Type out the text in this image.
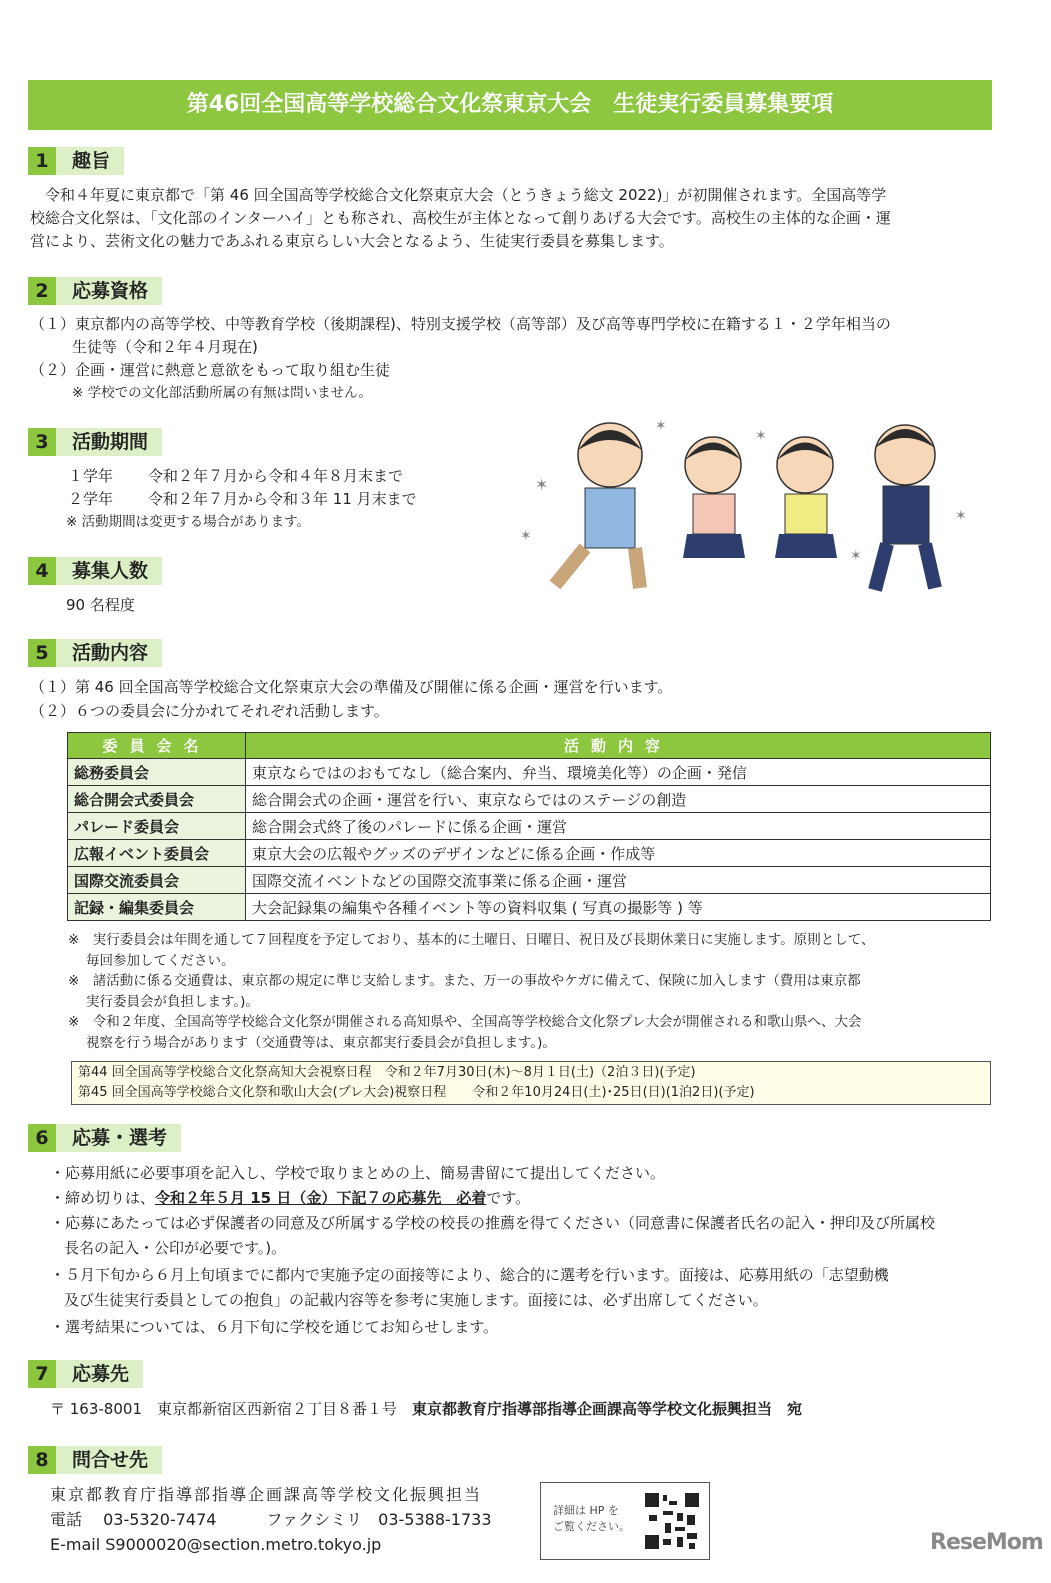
第46回全国高等学校総合文化祭東京大会　生徒実行委員募集要項
1	趣旨
　令和４年夏に東京都で「第 46 回全国高等学校総合文化祭東京大会（とうきょう総文 2022)」が初開催されます。全国高等学
校総合文化祭は、「文化部のインターハイ」とも称され、高校生が主体となって創りあげる大会です。高校生の主体的な企画・運
営により、芸術文化の魅力であふれる東京らしい大会となるよう、生徒実行委員を募集します。
2	応募資格
（１）東京都内の高等学校、中等教育学校（後期課程)、特別支援学校（高等部）及び高等専門学校に在籍する１・２学年相当の
生徒等（令和２年４月現在)
（２）企画・運営に熱意と意欲をもって取り組む生徒
※ 学校での文化部活動所属の有無は問いません。
3	活動期間
１学年 令和２年７月から令和４年８月末まで
２学年 令和２年７月から令和３年 11 月末まで
※ 活動期間は変更する場合があります。
✶
✶
✶
✶
✶
✶
4	募集人数
90 名程度
5	活動内容
（１）第 46 回全国高等学校総合文化祭東京大会の準備及び開催に係る企画・運営を行います。
（２）６つの委員会に分かれてそれぞれ活動します。
委員会名	活動内容
総務委員会	東京ならではのおもてなし（総合案内、弁当、環境美化等）の企画・発信
総合開会式委員会	総合開会式の企画・運営を行い、東京ならではのステージの創造
パレード委員会	総合開会式終了後のパレードに係る企画・運営
広報イベント委員会	東京大会の広報やグッズのデザインなどに係る企画・作成等
国際交流委員会	国際交流イベントなどの国際交流事業に係る企画・運営
記録・編集委員会	大会記録集の編集や各種イベント等の資料収集 ( 写真の撮影等 ) 等
※　実行委員会は年間を通して７回程度を予定しており、基本的に土曜日、日曜日、祝日及び長期休業日に実施します。原則として、
毎回参加してください。
※　諸活動に係る交通費は、東京都の規定に準じ支給します。また、万一の事故やケガに備えて、保険に加入します（費用は東京都
実行委員会が負担します。)。
※　令和２年度、全国高等学校総合文化祭が開催される高知県や、全国高等学校総合文化祭プレ大会が開催される和歌山県へ、大会
視察を行う場合があります（交通費等は、東京都実行委員会が負担します。)。
第44 回全国高等学校総合文化祭高知大会視察日程　令和２年7月30日(木)～8月１日(土)（2泊３日)(予定)
第45 回全国高等学校総合文化祭和歌山大会(プレ大会)視察日程　　令和２年10月24日(土)･25日(日)(1泊2日)(予定)
6	応募・選考
・応募用紙に必要事項を記入し、学校で取りまとめの上、簡易書留にて提出してください。
・締め切りは、令和２年５月 15 日（金）下記７の応募先　必着です。
・応募にあたっては必ず保護者の同意及び所属する学校の校長の推薦を得てください（同意書に保護者氏名の記入・押印及び所属校
長名の記入・公印が必要です。)。
・５月下旬から６月上旬頃までに都内で実施予定の面接等により、総合的に選考を行います。面接は、応募用紙の「志望動機
及び生徒実行委員としての抱負」の記載内容等を参考に実施します。面接には、必ず出席してください。
・選考結果については、６月下旬に学校を通じてお知らせします。
7	応募先
〒 163-8001　東京都新宿区西新宿２丁目８番１号　 東京都教育庁指導部指導企画課高等学校文化振興担当　宛
8	問合せ先
東京都教育庁指導部指導企画課高等学校文化振興担当
電話　 03-5320-7474	ファクシミリ　 03-5388-1733
E-mail S9000020@section.metro.tokyo.jp
詳細は HP を
ご覧ください。
ReseMom
